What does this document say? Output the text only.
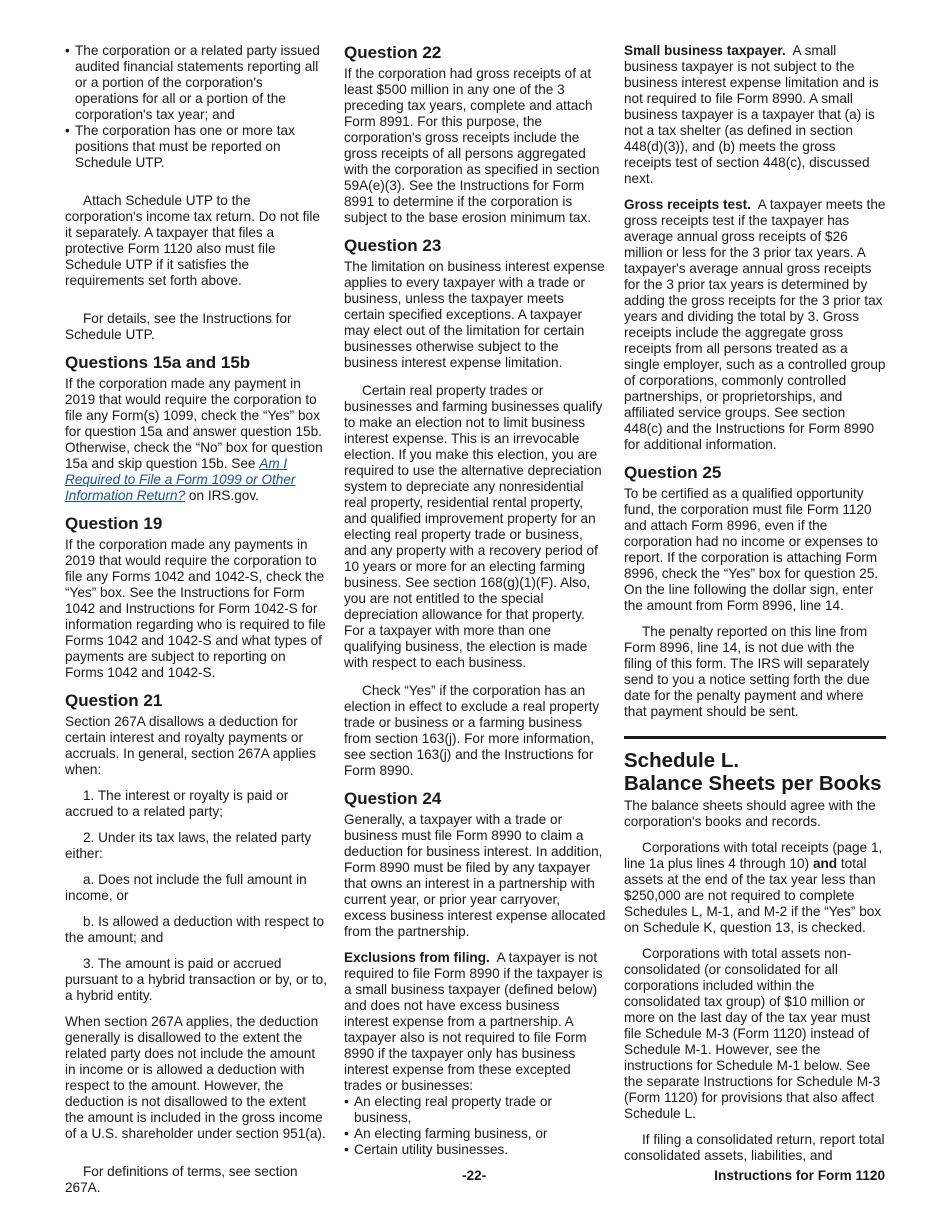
• The corporation or a related party issued audited financial statements reporting all or a portion of the corporation's operations for all or a portion of the corporation's tax year; and

• The corporation has one or more tax positions that must be reported on Schedule UTP.

Attach Schedule UTP to the corporation's income tax return. Do not file it separately. A taxpayer that files a protective Form 1120 also must file Schedule UTP if it satisfies the requirements set forth above.

For details, see the Instructions for Schedule UTP.

Questions 15a and 15b

If the corporation made any payment in 2019 that would require the corporation to file any Form(s) 1099, check the “Yes” box for question 15a and answer question 15b. Otherwise, check the “No” box for question 15a and skip question 15b. See Am I Required to File a Form 1099 or Other Information Return? on IRS.gov.

Question 19

If the corporation made any payments in 2019 that would require the corporation to file any Forms 1042 and 1042-S, check the “Yes” box. See the Instructions for Form 1042 and Instructions for Form 1042-S for information regarding who is required to file Forms 1042 and 1042-S and what types of payments are subject to reporting on Forms 1042 and 1042-S.

Question 21

Section 267A disallows a deduction for certain interest and royalty payments or accruals. In general, section 267A applies when:

1. The interest or royalty is paid or accrued to a related party;

2. Under its tax laws, the related party either:

a. Does not include the full amount in income, or

b. Is allowed a deduction with respect to the amount; and

3. The amount is paid or accrued pursuant to a hybrid transaction or by, or to, a hybrid entity.

When section 267A applies, the deduction generally is disallowed to the extent the related party does not include the amount in income or is allowed a deduction with respect to the amount. However, the deduction is not disallowed to the extent the amount is included in the gross income of a U.S. shareholder under section 951(a).

For definitions of terms, see section 267A.

Question 22

If the corporation had gross receipts of at least $500 million in any one of the 3 preceding tax years, complete and attach Form 8991. For this purpose, the corporation's gross receipts include the gross receipts of all persons aggregated with the corporation as specified in section 59A(e)(3). See the Instructions for Form 8991 to determine if the corporation is subject to the base erosion minimum tax.

Question 23

The limitation on business interest expense applies to every taxpayer with a trade or business, unless the taxpayer meets certain specified exceptions. A taxpayer may elect out of the limitation for certain businesses otherwise subject to the business interest expense limitation.

Certain real property trades or businesses and farming businesses qualify to make an election not to limit business interest expense. This is an irrevocable election. If you make this election, you are required to use the alternative depreciation system to depreciate any nonresidential real property, residential rental property, and qualified improvement property for an electing real property trade or business, and any property with a recovery period of 10 years or more for an electing farming business. See section 168(g)(1)(F). Also, you are not entitled to the special depreciation allowance for that property. For a taxpayer with more than one qualifying business, the election is made with respect to each business.

Check “Yes” if the corporation has an election in effect to exclude a real property trade or business or a farming business from section 163(j). For more information, see section 163(j) and the Instructions for Form 8990.

Question 24

Generally, a taxpayer with a trade or business must file Form 8990 to claim a deduction for business interest. In addition, Form 8990 must be filed by any taxpayer that owns an interest in a partnership with current year, or prior year carryover, excess business interest expense allocated from the partnership.

Exclusions from filing. A taxpayer is not required to file Form 8990 if the taxpayer is a small business taxpayer (defined below) and does not have excess business interest expense from a partnership. A taxpayer also is not required to file Form 8990 if the taxpayer only has business interest expense from these excepted trades or businesses:

• An electing real property trade or business,
• An electing farming business, or
• Certain utility businesses.

Small business taxpayer. A small business taxpayer is not subject to the business interest expense limitation and is not required to file Form 8990. A small business taxpayer is a taxpayer that (a) is not a tax shelter (as defined in section 448(d)(3)), and (b) meets the gross receipts test of section 448(c), discussed next.

Gross receipts test. A taxpayer meets the gross receipts test if the taxpayer has average annual gross receipts of $26 million or less for the 3 prior tax years. A taxpayer's average annual gross receipts for the 3 prior tax years is determined by adding the gross receipts for the 3 prior tax years and dividing the total by 3. Gross receipts include the aggregate gross receipts from all persons treated as a single employer, such as a controlled group of corporations, commonly controlled partnerships, or proprietorships, and affiliated service groups. See section 448(c) and the Instructions for Form 8990 for additional information.

Question 25

To be certified as a qualified opportunity fund, the corporation must file Form 1120 and attach Form 8996, even if the corporation had no income or expenses to report. If the corporation is attaching Form 8996, check the “Yes” box for question 25. On the line following the dollar sign, enter the amount from Form 8996, line 14.

The penalty reported on this line from Form 8996, line 14, is not due with the filing of this form. The IRS will separately send to you a notice setting forth the due date for the penalty payment and where that payment should be sent.

Schedule L.
Balance Sheets per Books

The balance sheets should agree with the corporation's books and records.

Corporations with total receipts (page 1, line 1a plus lines 4 through 10) and total assets at the end of the tax year less than $250,000 are not required to complete Schedules L, M-1, and M-2 if the “Yes” box on Schedule K, question 13, is checked.

Corporations with total assets non-consolidated (or consolidated for all corporations included within the consolidated tax group) of $10 million or more on the last day of the tax year must file Schedule M-3 (Form 1120) instead of Schedule M-1. However, see the instructions for Schedule M-1 below. See the separate Instructions for Schedule M-3 (Form 1120) for provisions that also affect Schedule L.

If filing a consolidated return, report total consolidated assets, liabilities, and

-22-	Instructions for Form 1120
